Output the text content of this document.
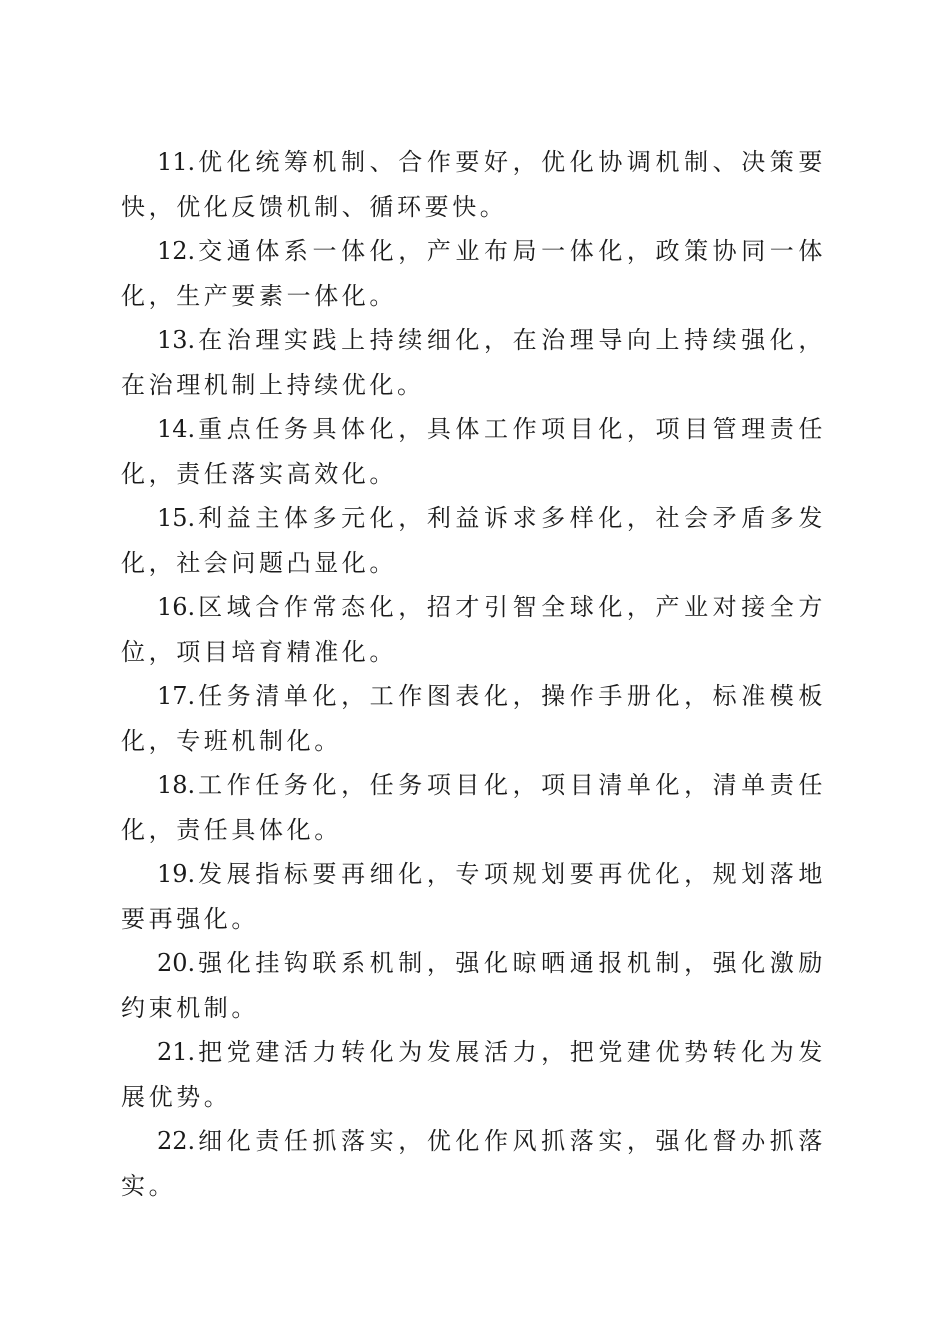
11.优化统筹机制、合作要好，优化协调机制、决策要快，优化反馈机制、循环要快。

12.交通体系一体化，产业布局一体化，政策协同一体化，生产要素一体化。

13.在治理实践上持续细化，在治理导向上持续强化，在治理机制上持续优化。

14.重点任务具体化，具体工作项目化，项目管理责任化，责任落实高效化。

15.利益主体多元化，利益诉求多样化，社会矛盾多发化，社会问题凸显化。

16.区域合作常态化，招才引智全球化，产业对接全方位，项目培育精准化。

17.任务清单化，工作图表化，操作手册化，标准模板化，专班机制化。

18.工作任务化，任务项目化，项目清单化，清单责任化，责任具体化。

19.发展指标要再细化，专项规划要再优化，规划落地要再强化。

20.强化挂钩联系机制，强化晾晒通报机制，强化激励约束机制。

21.把党建活力转化为发展活力，把党建优势转化为发展优势。

22.细化责任抓落实，优化作风抓落实，强化督办抓落实。
